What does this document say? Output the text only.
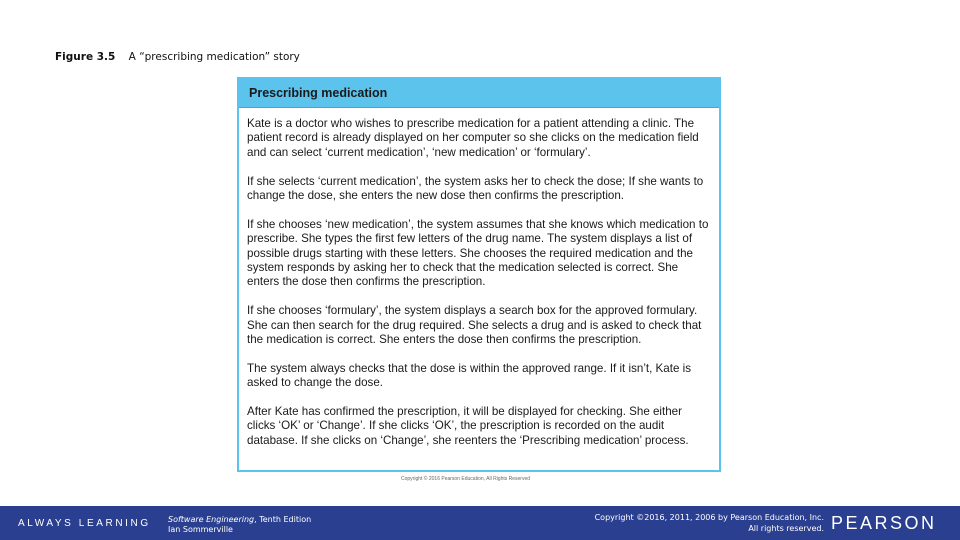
Figure 3.5 A “prescribing medication” story
Prescribing medication

Kate is a doctor who wishes to prescribe medication for a patient attending a clinic. The patient record is already displayed on her computer so she clicks on the medication field and can select ‘current medication’, ‘new medication’ or ‘formulary’.

If she selects ‘current medication’, the system asks her to check the dose; If she wants to change the dose, she enters the new dose then confirms the prescription.

If she chooses ‘new medication’, the system assumes that she knows which medication to prescribe. She types the first few letters of the drug name. The system displays a list of possible drugs starting with these letters. She chooses the required medication and the system responds by asking her to check that the medication selected is correct. She enters the dose then confirms the prescription.

If she chooses ‘formulary’, the system displays a search box for the approved formulary. She can then search for the drug required. She selects a drug and is asked to check that the medication is correct. She enters the dose then confirms the prescription.

The system always checks that the dose is within the approved range. If it isn’t, Kate is asked to change the dose.

After Kate has confirmed the prescription, it will be displayed for checking. She either clicks ‘OK’ or ‘Change’. If she clicks ‘OK’, the prescription is recorded on the audit database. If she clicks on ‘Change’, she reenters the ‘Prescribing medication’ process.

Copyright © 2016 Pearson Education, All Rights Reserved
ALWAYS LEARNING Software Engineering, Tenth Edition
Ian Sommerville
Copyright ©2016, 2011, 2006 by Pearson Education, Inc.
All rights reserved. PEARSON
